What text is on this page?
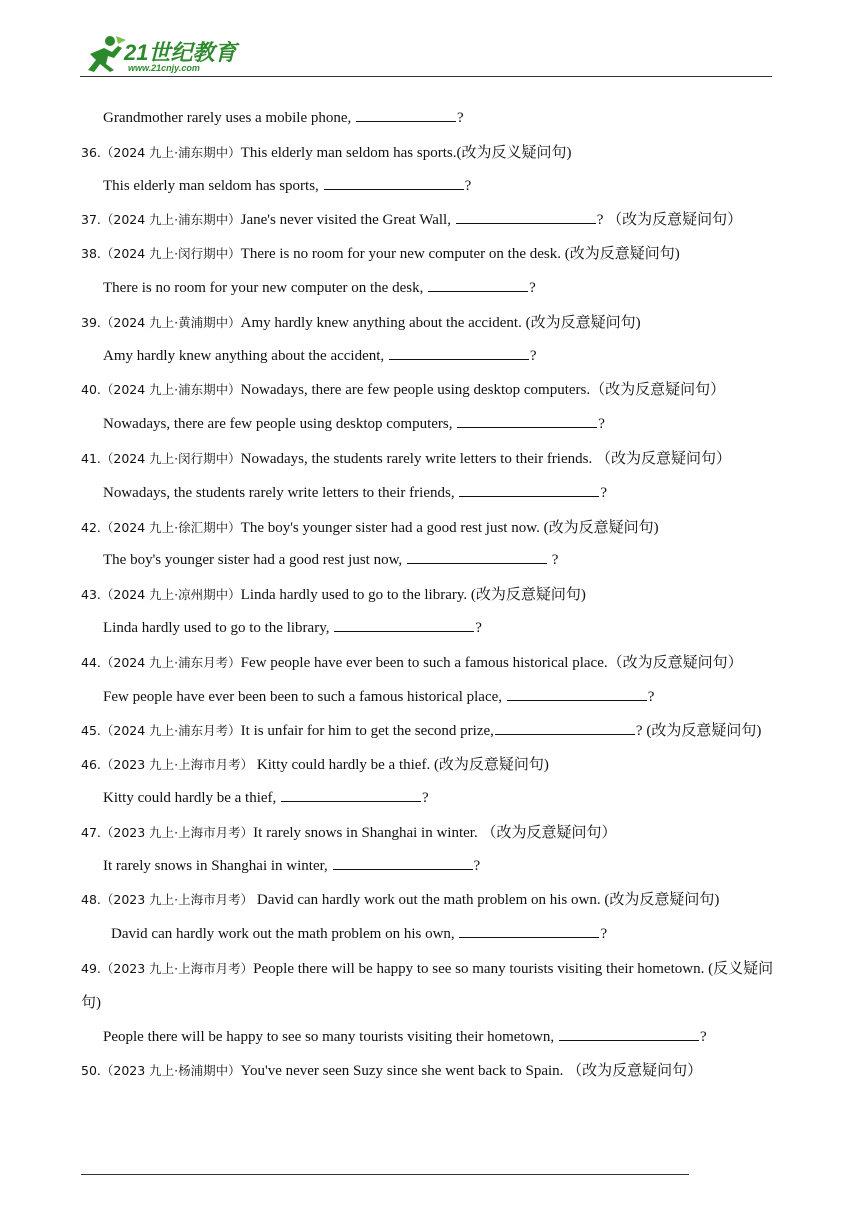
21世纪教育
www.21cnjy.com
Grandmother rarely uses a mobile phone,	?
36.（2024 九上·浦东期中）This elderly man seldom has sports.(改为反义疑问句)
This elderly man seldom has sports,	?
37.（2024 九上·浦东期中）Jane's never visited the Great Wall,	? （改为反意疑问句）
38.（2024 九上·闵行期中）There is no room for your new computer on the desk. (改为反意疑问句)
There is no room for your new computer on the desk,	?
39.（2024 九上·黄浦期中）Amy hardly knew anything about the accident. (改为反意疑问句)
Amy hardly knew anything about the accident,	?
40.（2024 九上·浦东期中）Nowadays, there are few people using desktop computers.（改为反意疑问句）
Nowadays, there are few people using desktop computers,	?
41.（2024 九上·闵行期中）Nowadays, the students rarely write letters to their friends. （改为反意疑问句）
Nowadays, the students rarely write letters to their friends,	?
42.（2024 九上·徐汇期中）The boy's younger sister had a good rest just now. (改为反意疑问句)
The boy's younger sister had a good rest just now,	?
43.（2024 九上·凉州期中）Linda hardly used to go to the library. (改为反意疑问句)
Linda hardly used to go to the library,	?
44.（2024 九上·浦东月考）Few people have ever been to such a famous historical place.（改为反意疑问句）
Few people have ever been been to such a famous historical place,	?
45.（2024 九上·浦东月考）It is unfair for him to get the second prize,	? (改为反意疑问句)
46.（2023 九上·上海市月考） Kitty could hardly be a thief. (改为反意疑问句)
Kitty could hardly be a thief,	?
47.（2023 九上·上海市月考）It rarely snows in Shanghai in winter. （改为反意疑问句）
It rarely snows in Shanghai in winter,	?
48.（2023 九上·上海市月考） David can hardly work out the math problem on his own. (改为反意疑问句)
David can hardly work out the math problem on his own,	?
49.（2023 九上·上海市月考）People there will be happy to see so many tourists visiting their hometown. (反义疑问句)
People there will be happy to see so many tourists visiting their hometown,	?
50.（2023 九上·杨浦期中）You've never seen Suzy since she went back to Spain. （改为反意疑问句）
